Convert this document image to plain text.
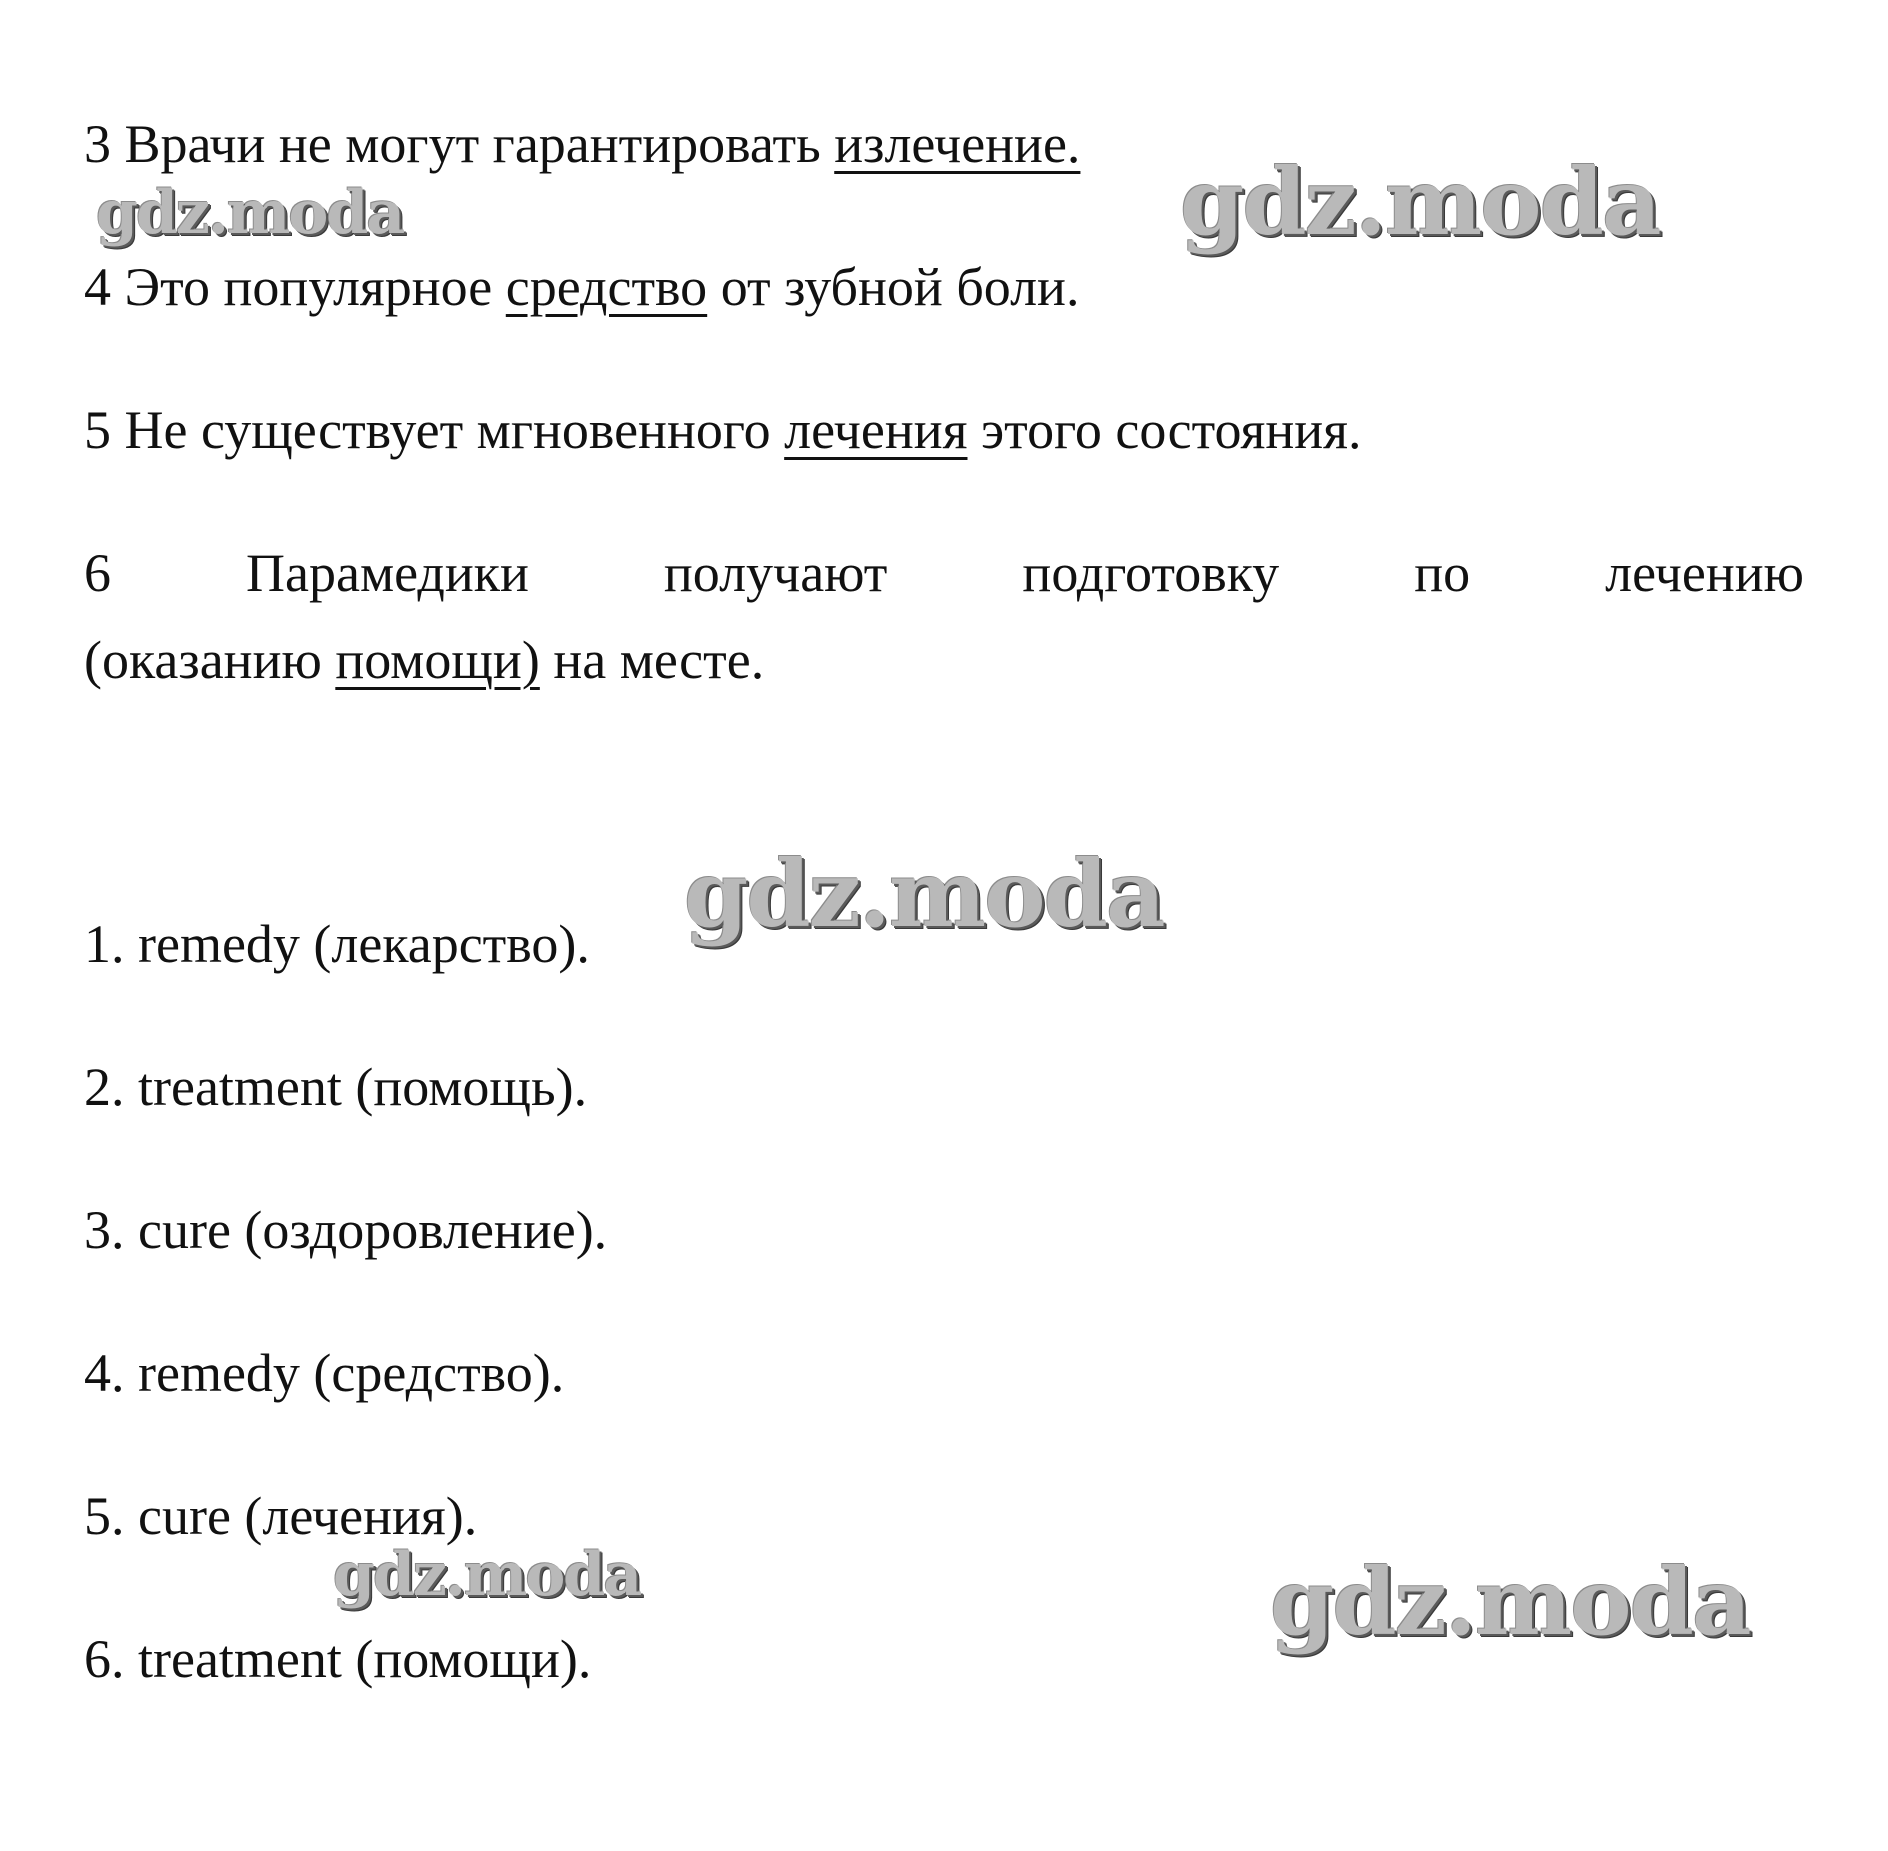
3 Врачи не могут гарантировать излечение.
4 Это популярное средство от зубной боли.
5 Не существует мгновенного лечения этого состояния.
6	Парамедики	получают	подготовку	по	лечению
(оказанию помощи) на месте.
1. remedy (лекарство).
2. treatment (помощь).
3. cure (оздоровление).
4. remedy (средство).
5. cure (лечения).
6. treatment (помощи).
gdz.moda	gdz.moda
gdz.moda
gdz.moda	gdz.moda
